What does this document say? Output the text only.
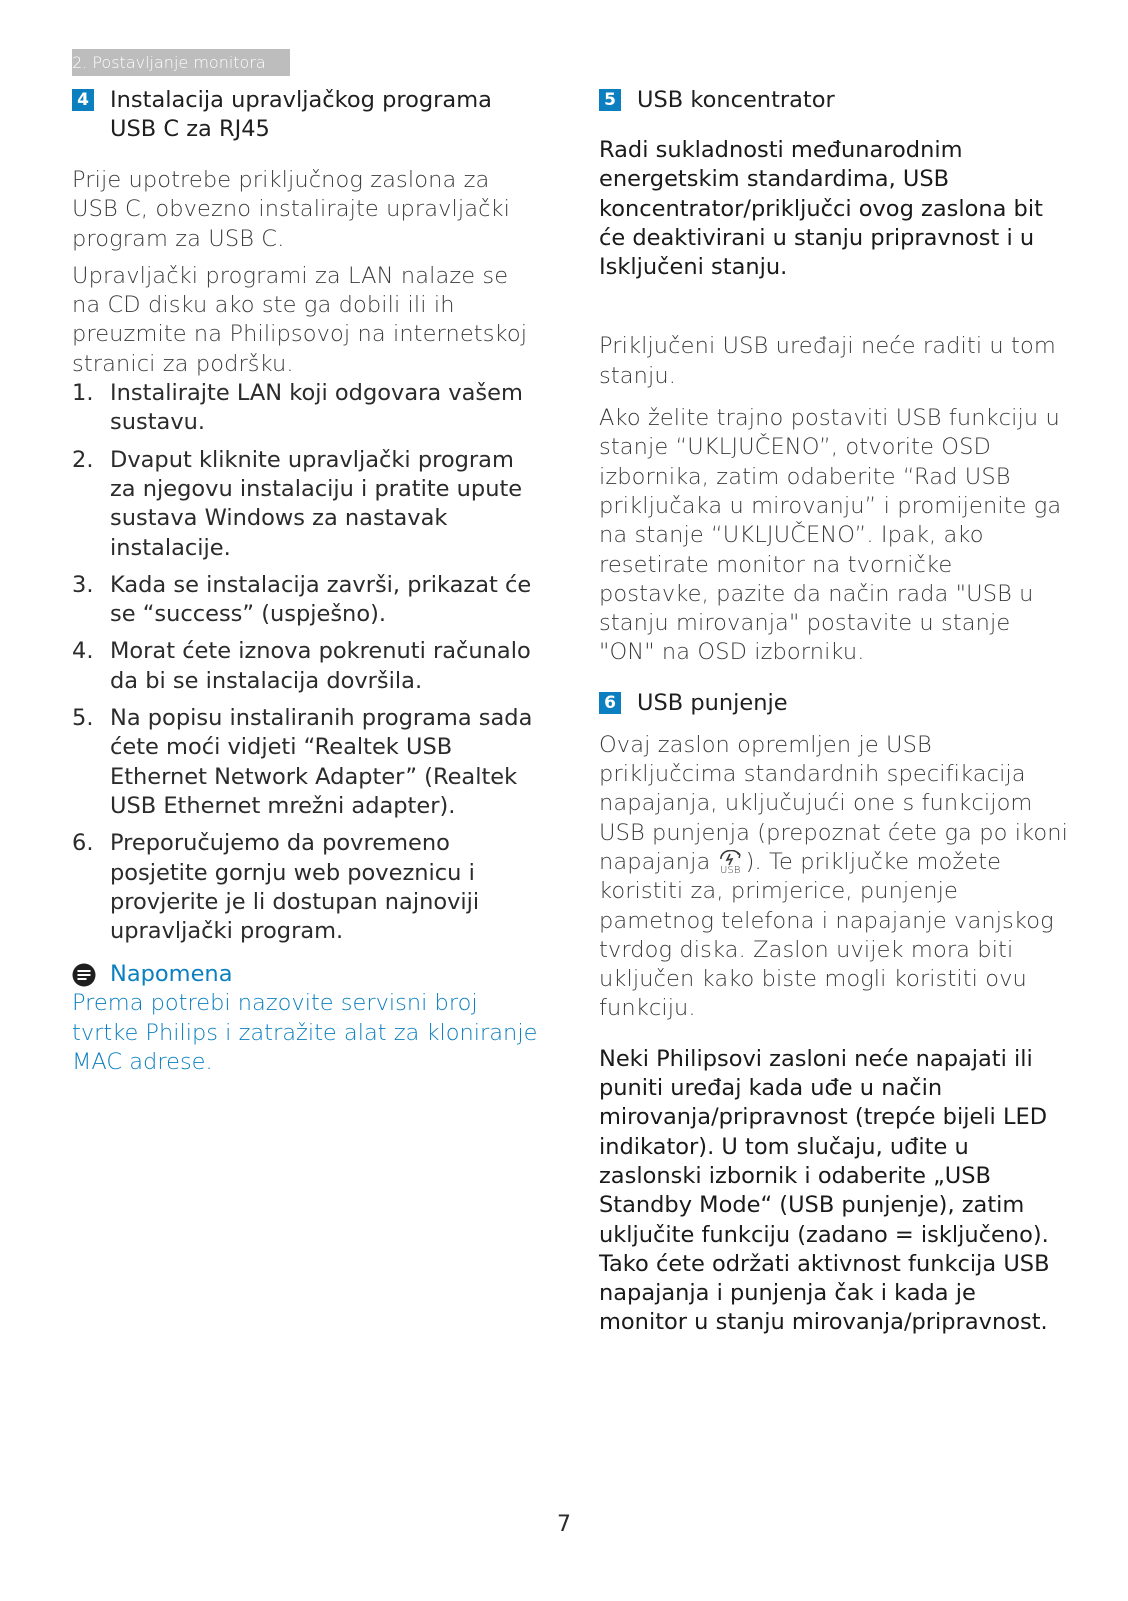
2. Postavljanje monitora
4 Instalacija upravljačkog programa USB C za RJ45

Prije upotrebe priključnog zaslona za USB C, obvezno instalirajte upravljački program za USB C.

Upravljački programi za LAN nalaze se na CD disku ako ste ga dobili ili ih preuzmite na Philipsovoj na internetskoj stranici za podršku.

1. Instalirajte LAN koji odgovara vašem sustavu.
2. Dvaput kliknite upravljački program za njegovu instalaciju i pratite upute sustava Windows za nastavak instalacije.
3. Kada se instalacija završi, prikazat će se “success” (uspješno).
4. Morat ćete iznova pokrenuti računalo da bi se instalacija dovršila.
5. Na popisu instaliranih programa sada ćete moći vidjeti “Realtek USB Ethernet Network Adapter” (Realtek USB Ethernet mrežni adapter).
6. Preporučujemo da povremeno posjetite gornju web poveznicu i provjerite je li dostupan najnoviji upravljački program.
Napomena

Prema potrebi nazovite servisni broj tvrtke Philips i zatražite alat za kloniranje MAC adrese.

5 USB koncentrator

Radi sukladnosti međunarodnim energetskim standardima, USB koncentrator/priključci ovog zaslona bit će deaktivirani u stanju pripravnost i u Isključeni stanju.

Priključeni USB uređaji neće raditi u tom stanju.

Ako želite trajno postaviti USB funkciju u stanje “UKLJUČENO”, otvorite OSD izbornika, zatim odaberite “Rad USB priključaka u mirovanju” i promijenite ga na stanje “UKLJUČENO”. Ipak, ako resetirate monitor na tvorničke postavke, pazite da način rada "USB u stanju mirovanja" postavite u stanje "ON" na OSD izborniku.

6 USB punjenje

Ovaj zaslon opremljen je USB priključcima standardnih specifikacija napajanja, uključujući one s funkcijom USB punjenja (prepoznat ćete ga po ikoni napajanja USB ). Te priključke možete koristiti za, primjerice, punjenje pametnog telefona i napajanje vanjskog tvrdog diska. Zaslon uvijek mora biti uključen kako biste mogli koristiti ovu funkciju.

Neki Philipsovi zasloni neće napajati ili puniti uređaj kada uđe u način mirovanja/pripravnost (trepće bijeli LED indikator). U tom slučaju, uđite u zaslonski izbornik i odaberite „USB Standby Mode“ (USB punjenje), zatim uključite funkciju (zadano = isključeno). Tako ćete održati aktivnost funkcija USB napajanja i punjenja čak i kada je monitor u stanju mirovanja/pripravnost.

7
